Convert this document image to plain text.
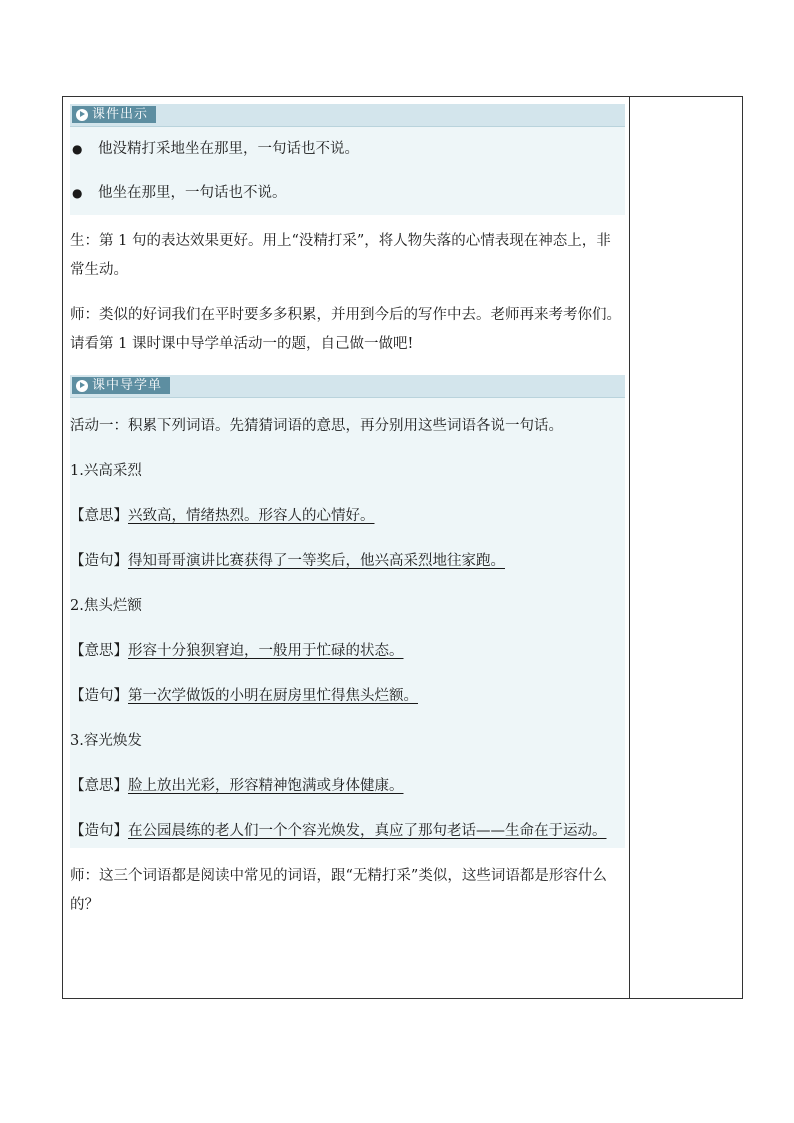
课件出示
● 他没精打采地坐在那里，一句话也不说。
● 他坐在那里，一句话也不说。
生：第 1 句的表达效果更好。用上“没精打采”，将人物失落的心情表现在神态上，非常生动。
师：类似的好词我们在平时要多多积累，并用到今后的写作中去。老师再来考考你们。请看第 1 课时课中导学单活动一的题，自己做一做吧!
课中导学单
活动一：积累下列词语。先猜猜词语的意思，再分别用这些词语各说一句话。
1.兴高采烈
【意思】兴致高，情绪热烈。形容人的心情好。
【造句】得知哥哥演讲比赛获得了一等奖后，他兴高采烈地往家跑。
2.焦头烂额
【意思】形容十分狼狈窘迫，一般用于忙碌的状态。
【造句】第一次学做饭的小明在厨房里忙得焦头烂额。
3.容光焕发
【意思】脸上放出光彩，形容精神饱满或身体健康。
【造句】在公园晨练的老人们一个个容光焕发，真应了那句老话——生命在于运动。
师：这三个词语都是阅读中常见的词语，跟“无精打采”类似，这些词语都是形容什么的？
